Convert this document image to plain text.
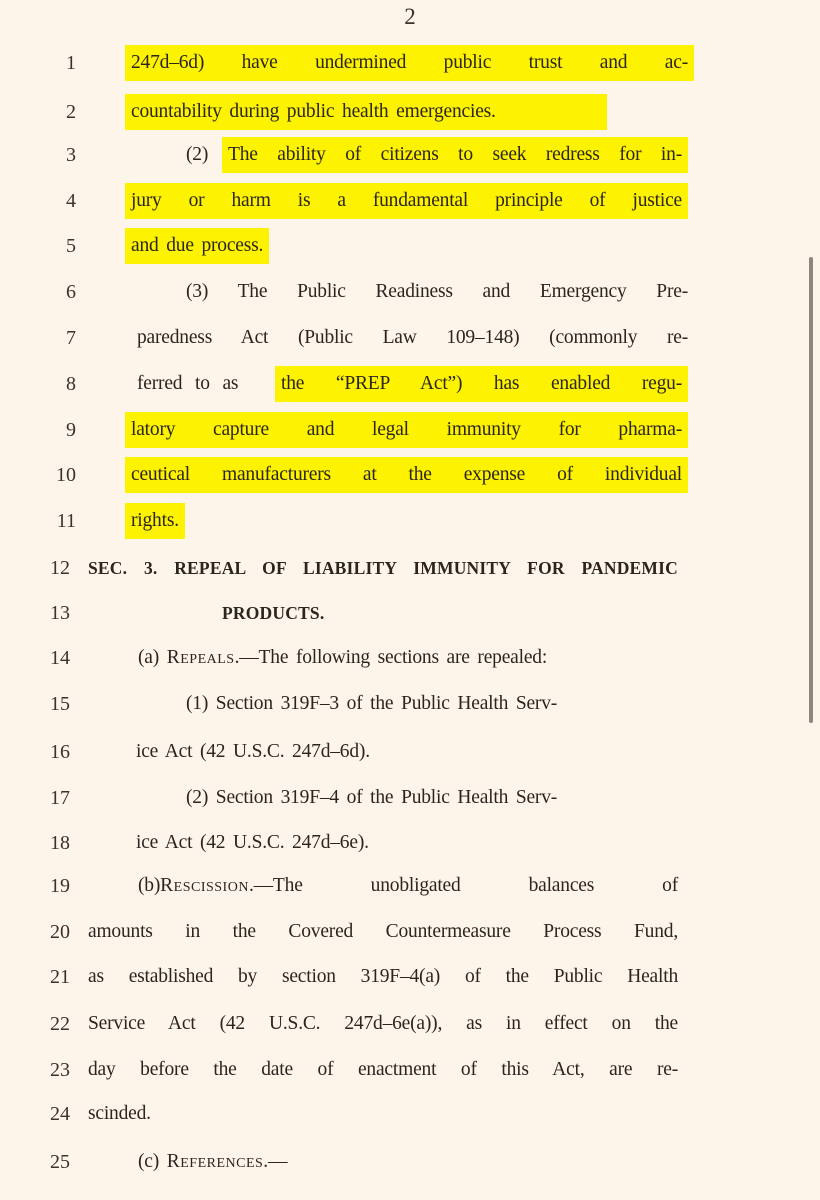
2
1	247d–6d) have undermined public trust and ac-
2	countability during public health emergencies.
3	(2)	The ability of citizens to seek redress for in-
4	jury or harm is a fundamental principle of justice
5	and due process.
6	(3) The Public Readiness and Emergency Pre-
7	paredness Act (Public Law 109–148) (commonly re-
8	ferred to as	the “PREP Act”) has enabled regu-
9	latory capture and legal immunity for pharma-
10	ceutical manufacturers at the expense of individual
11	rights.
12 SEC. 3. REPEAL OF LIABILITY IMMUNITY FOR PANDEMIC
13	PRODUCTS.
14	(a) Repeals.—The following sections are repealed:
15	(1) Section 319F–3 of the Public Health Serv-
16	ice Act (42 U.S.C. 247d–6d).
17	(2) Section 319F–4 of the Public Health Serv-
18	ice Act (42 U.S.C. 247d–6e).
19	(b) Rescission .—The unobligated balances of
20 amounts in the Covered Countermeasure Process Fund,
21 as established by section 319F–4(a) of the Public Health
22 Service Act (42 U.S.C. 247d–6e(a)), as in effect on the
23 day before the date of enactment of this Act, are re-
24 scinded.
25	(c) References.—
